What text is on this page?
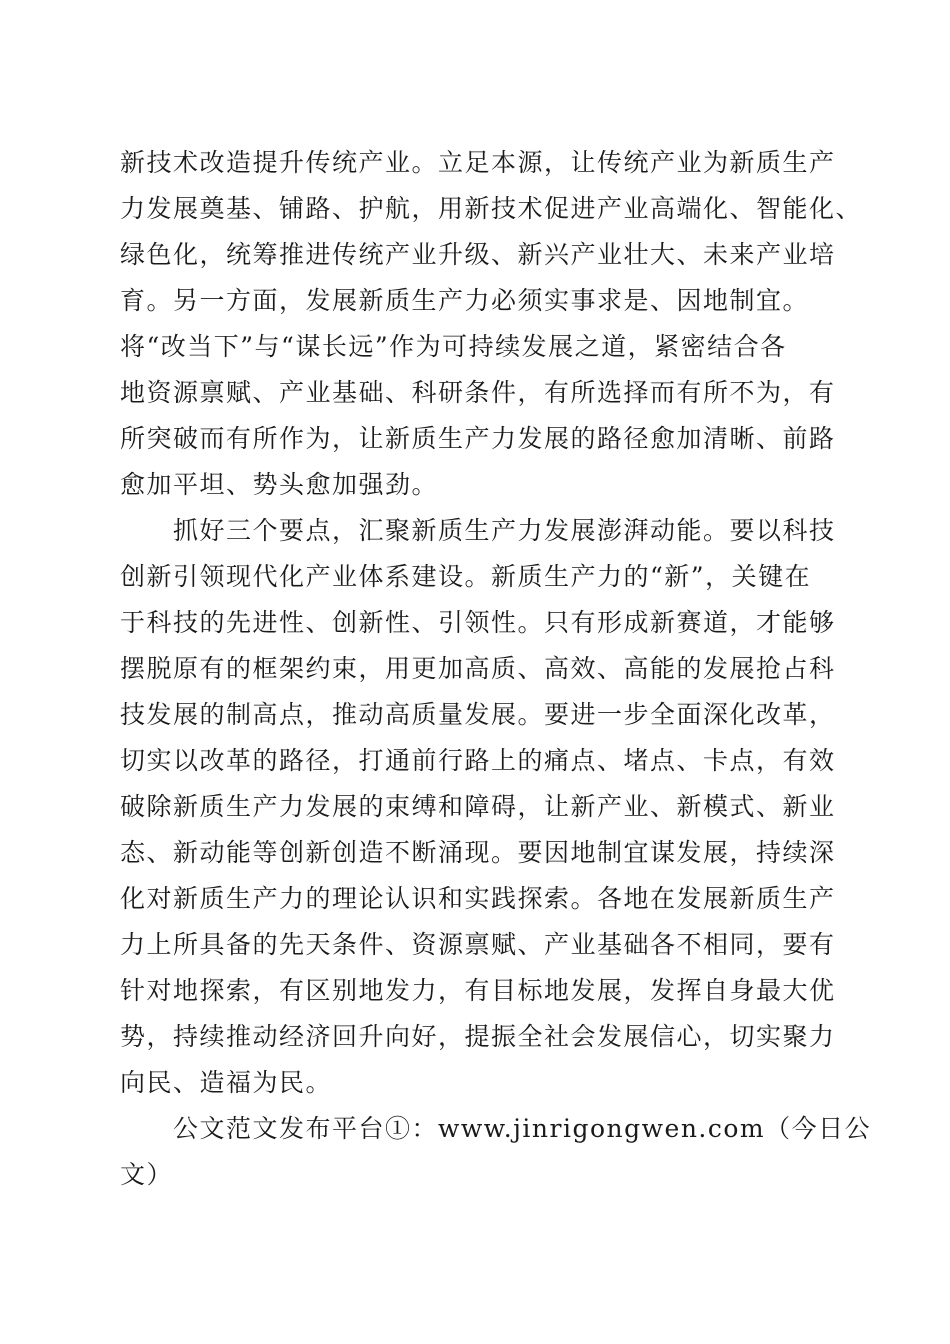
新技术改造提升传统产业。立足本源，让传统产业为新质生产
力发展奠基、铺路、护航，用新技术促进产业高端化、智能化、
绿色化，统筹推进传统产业升级、新兴产业壮大、未来产业培
育。另一方面，发展新质生产力必须实事求是、因地制宜。
将“改当下”与“谋长远”作为可持续发展之道，紧密结合各
地资源禀赋、产业基础、科研条件，有所选择而有所不为，有
所突破而有所作为，让新质生产力发展的路径愈加清晰、前路
愈加平坦、势头愈加强劲。
　　抓好三个要点，汇聚新质生产力发展澎湃动能。要以科技
创新引领现代化产业体系建设。新质生产力的“新”，关键在
于科技的先进性、创新性、引领性。只有形成新赛道，才能够
摆脱原有的框架约束，用更加高质、高效、高能的发展抢占科
技发展的制高点，推动高质量发展。要进一步全面深化改革，
切实以改革的路径，打通前行路上的痛点、堵点、卡点，有效
破除新质生产力发展的束缚和障碍，让新产业、新模式、新业
态、新动能等创新创造不断涌现。要因地制宜谋发展，持续深
化对新质生产力的理论认识和实践探索。各地在发展新质生产
力上所具备的先天条件、资源禀赋、产业基础各不相同，要有
针对地探索，有区别地发力，有目标地发展，发挥自身最大优
势，持续推动经济回升向好，提振全社会发展信心，切实聚力
向民、造福为民。
　　公文范文发布平台①：www.jinrigongwen.com（今日公
文）
